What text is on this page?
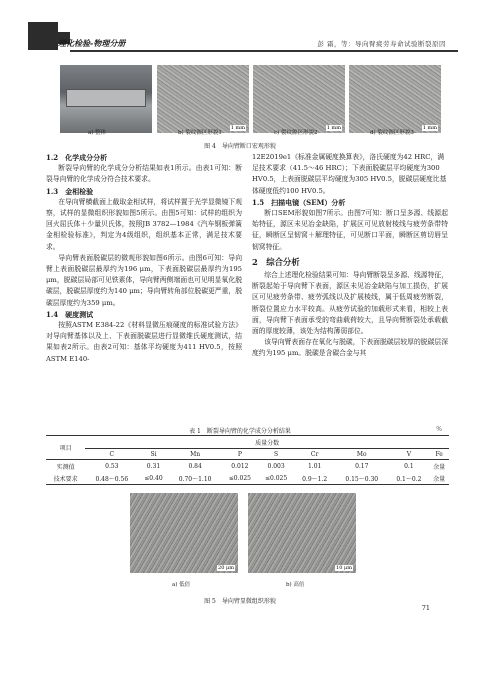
理化检验-物理分册	彭 霜，等：导向臂疲劳寿命试验断裂原因
1 mm	1 mm	1 mm
a) 整体	b) 裂纹源区形貌1	c) 裂纹源区形貌2	d) 裂纹源区形貌3
图 4　导向臂断口宏观形貌
1.2　化学成分分析
断裂导向臂的化学成分分析结果如表1所示。由表1可知：断裂导向臂的化学成分符合技术要求。
1.3　金相检验
在导向臂横截面上截取金相试样，将试样置于光学显微镜下观察，试样的显微组织形貌如图5所示。由图5可知：试样的组织为回火屈氏体＋少量贝氏体，按照JB 3782—1984《汽车钢板弹簧 金相检验标准》，判定为4级组织，组织基本正常，满足技术要求。
导向臂表面脱碳层的微观形貌如图6所示。由图6可知：导向臂上表面脱碳层最厚约为196 μm，下表面脱碳层最厚约为195 μm，脱碳层局部可见铁素体，导向臂两侧端面也可见明显氧化脱碳层，脱碳层厚度约为140 μm；导向臂转角部位脱碳更严重，脱碳层厚度约为359 μm。
1.4　硬度测试
按照ASTM E384-22《材料显微压痕硬度的标准试验方法》对导向臂基体以及上、下表面脱碳层进行显微维氏硬度测试，结果如表2所示。由表2可知：基体平均硬度为411 HV0.5，按照ASTM E140-
12E2019e1《标准金属硬度换算表》，洛氏硬度为42 HRC，满足技术要求（41.5～46 HRC）；下表面脱碳层平均硬度为300 HV0.5，上表面脱碳层平均硬度为305 HV0.5，脱碳层硬度比基体硬度低约100 HV0.5。
1.5　扫描电镜（SEM）分析
断口SEM形貌如图7所示。由图7可知：断口呈多源、线源起始特征，源区未见冶金缺陷，扩展区可见放射棱线与疲劳条带特征，瞬断区呈韧窝＋解理特征，可见断口平面，瞬断区剪切唇呈韧窝特征。
2　综合分析
综合上述理化检验结果可知：导向臂断裂呈多源、线源特征，断裂起始于导向臂下表面，源区未见冶金缺陷与加工损伤，扩展区可见疲劳条带、疲劳弧线以及扩展棱线，属于低周疲劳断裂，断裂位置应力水平较高。从疲劳试验的加载形式来看，相较上表面，导向臂下表面承受的弯曲载荷较大，且导向臂断裂处承载截面的厚度较薄，该处为结构薄弱部位。
该导向臂表面存在氧化与脱碳，下表面脱碳层较厚的脱碳层深度约为195 μm。脱碳是含碳合金与其
表 1　断裂导向臂的化学成分分析结果	%
项目	质量分数								
	C	Si	Mn	P	S	Cr	Mo	V	Fe
实测值	0.53	0.31	0.84	0.012	0.003	1.01	0.17	0.1	余量
技术要求	0.48～0.56	≤0.40	0.70～1.10	≤0.025	≤0.025	0.9～1.2	0.15～0.30	0.1～0.2	余量
20 μm	10 μm
a) 低倍	b) 高倍
图 5　导向臂显微组织形貌
71
